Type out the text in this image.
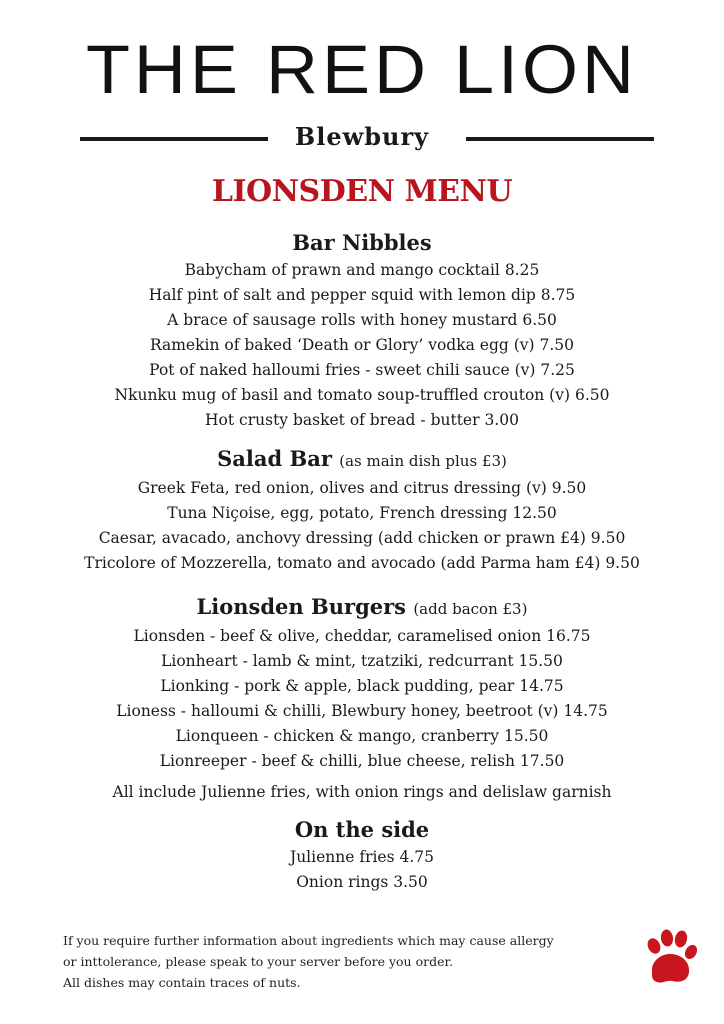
THE RED LION
Blewbury
LIONSDEN MENU
Bar Nibbles
Babycham of prawn and mango cocktail 8.25
Half pint of salt and pepper squid with lemon dip 8.75
A brace of sausage rolls with honey mustard 6.50
Ramekin of baked ‘Death or Glory’ vodka egg (v) 7.50
Pot of naked halloumi fries - sweet chili sauce (v) 7.25
Nkunku mug of basil and tomato soup-truffled crouton (v) 6.50
Hot crusty basket of bread - butter 3.00
Salad Bar (as main dish plus £3)
Greek Feta, red onion, olives and citrus dressing (v) 9.50
Tuna Niçoise, egg, potato, French dressing 12.50
Caesar, avacado, anchovy dressing (add chicken or prawn £4) 9.50
Tricolore of Mozzerella, tomato and avocado (add Parma ham £4) 9.50
Lionsden Burgers (add bacon £3)
Lionsden - beef & olive, cheddar, caramelised onion 16.75
Lionheart - lamb & mint, tzatziki, redcurrant 15.50
Lionking - pork & apple, black pudding, pear 14.75
Lioness - halloumi & chilli, Blewbury honey, beetroot (v) 14.75
Lionqueen - chicken & mango, cranberry 15.50
Lionreeper - beef & chilli, blue cheese, relish 17.50
All include Julienne fries, with onion rings and delislaw garnish
On the side
Julienne fries 4.75
Onion rings 3.50
If you require further information about ingredients which may cause allergy
or inttolerance, please speak to your server before you order.
All dishes may contain traces of nuts.
